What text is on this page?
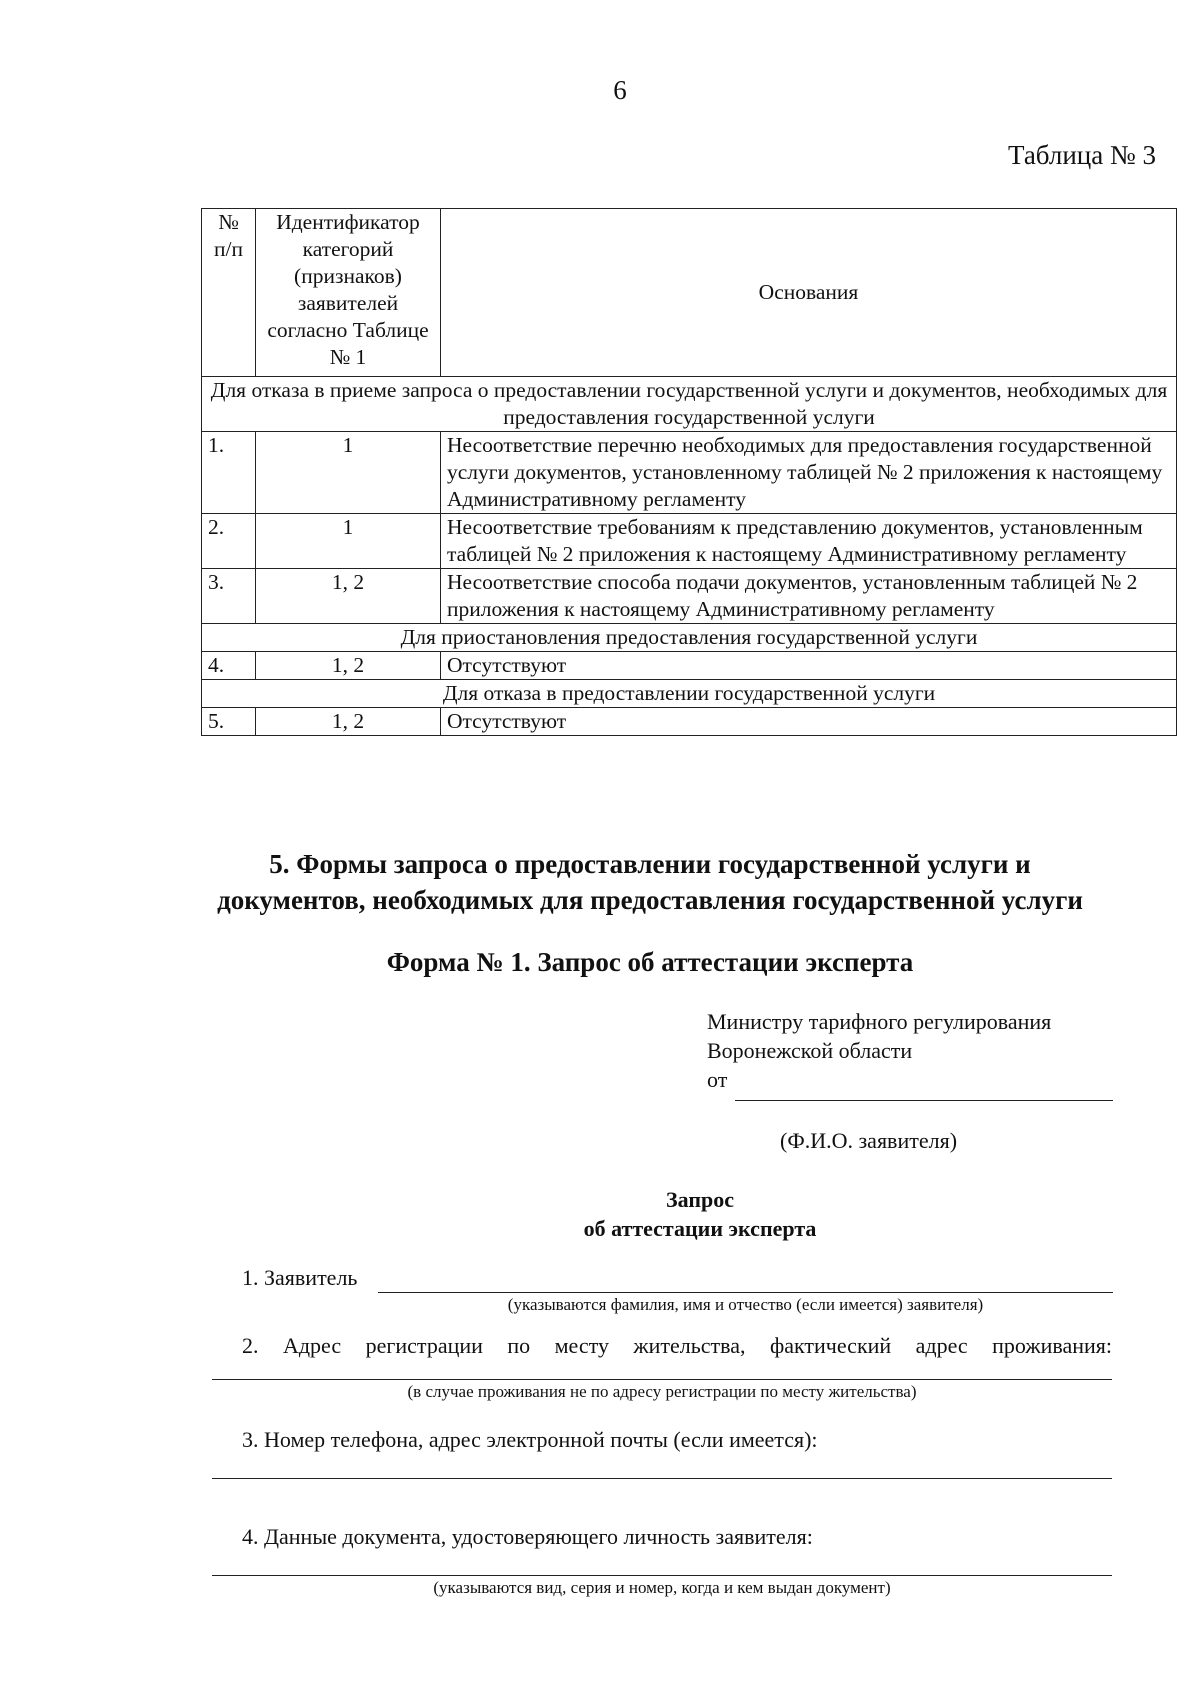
6
Таблица № 3
№ п/п	Идентификатор категорий (признаков) заявителей согласно Таблице № 1	Основания
Для отказа в приеме запроса о предоставлении государственной услуги и документов, необходимых для предоставления государственной услуги		
1.	1	Несоответствие перечню необходимых для предоставления государственной услуги документов, установленному таблицей № 2 приложения к настоящему Административному регламенту
2.	1	Несоответствие требованиям к представлению документов, установленным таблицей № 2 приложения к настоящему Административному регламенту
3.	1, 2	Несоответствие способа подачи документов, установленным таблицей № 2 приложения к настоящему Административному регламенту
Для приостановления предоставления государственной услуги		
4.	1, 2	Отсутствуют
Для отказа в предоставлении государственной услуги		
5.	1, 2	Отсутствуют
5. Формы запроса о предоставлении государственной услуги и
документов, необходимых для предоставления государственной услуги
Форма № 1. Запрос об аттестации эксперта
Министру тарифного регулирования
Воронежской области
от
(Ф.И.О. заявителя)
Запрос
об аттестации эксперта
1. Заявитель
(указываются фамилия, имя и отчество (если имеется) заявителя)
2. Адрес регистрации по месту жительства, фактический адрес проживания:
(в случае проживания не по адресу регистрации по месту жительства)
3. Номер телефона, адрес электронной почты (если имеется):
4. Данные документа, удостоверяющего личность заявителя:
(указываются вид, серия и номер, когда и кем выдан документ)
